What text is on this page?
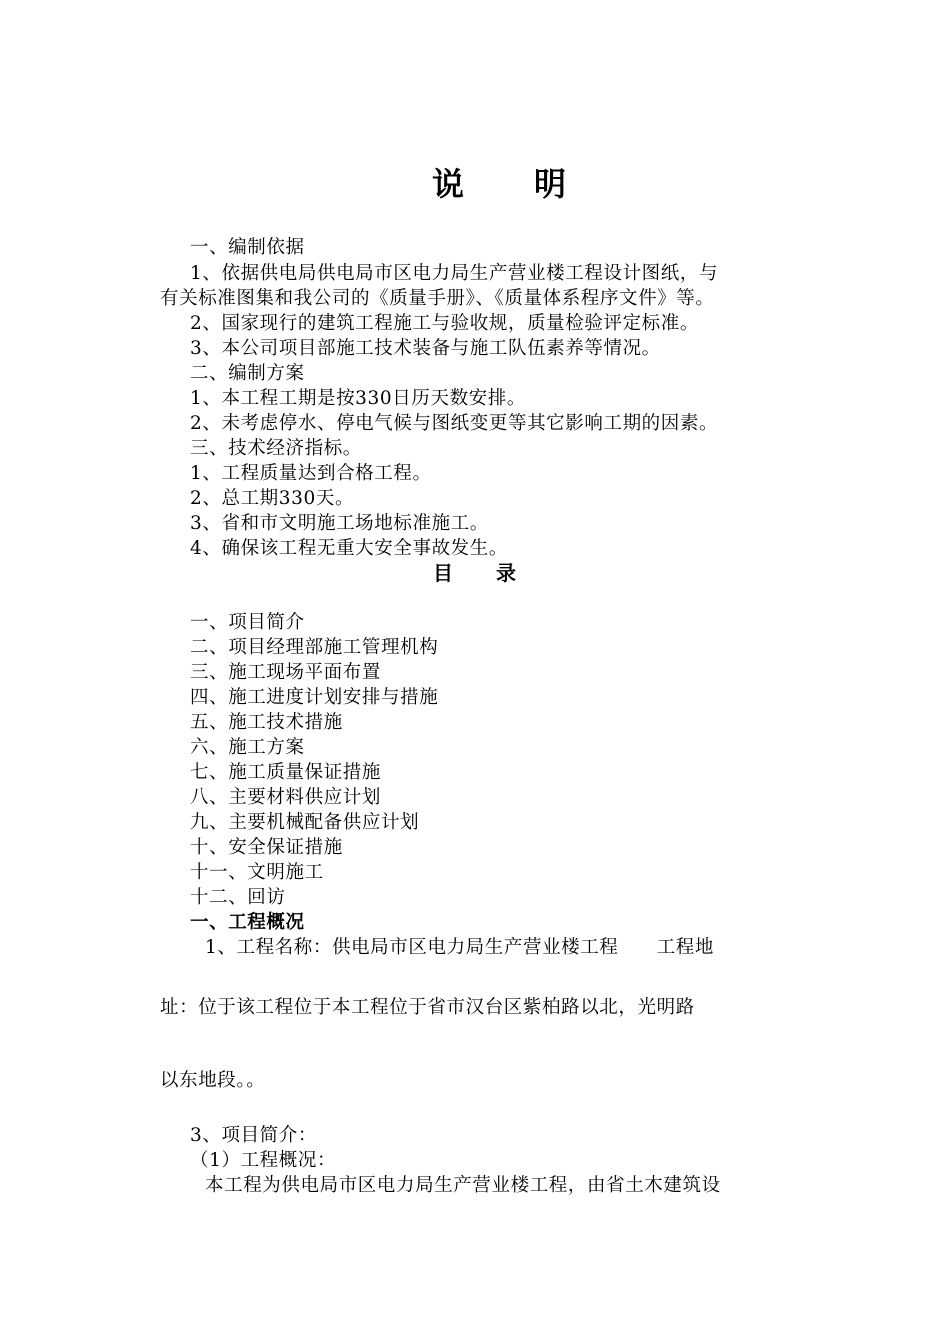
说　　明
一、编制依据
1、依据供电局供电局市区电力局生产营业楼工程设计图纸，与
有关标准图集和我公司的《质量手册》、《质量体系程序文件》等。
2、国家现行的建筑工程施工与验收规，质量检验评定标准。
3、本公司项目部施工技术装备与施工队伍素养等情况。
二、编制方案
1、本工程工期是按330日历天数安排。
2、未考虑停水、停电气候与图纸变更等其它影响工期的因素。
三、技术经济指标。
1、工程质量达到合格工程。
2、总工期330天。
3、省和市文明施工场地标准施工。
4、确保该工程无重大安全事故发生。
目　　录
一、项目简介
二、项目经理部施工管理机构
三、施工现场平面布置
四、施工进度计划安排与措施
五、施工技术措施
六、施工方案
七、施工质量保证措施
八、主要材料供应计划
九、主要机械配备供应计划
十、安全保证措施
十一、文明施工
十二、回访
一、工程概况
1、工程名称：供电局市区电力局生产营业楼工程　　工程地
址：位于该工程位于本工程位于省市汉台区紫柏路以北，光明路
以东地段。。
3、项目简介：
（1）工程概况：
本工程为供电局市区电力局生产营业楼工程，由省土木建筑设
